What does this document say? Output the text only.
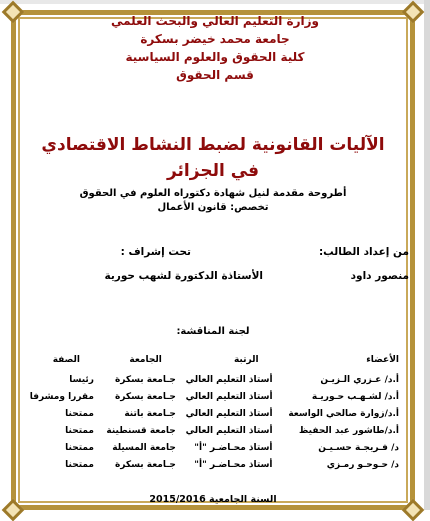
وزارة التعليم العالي والبحث العلمي
جامعة محمد خيضر بسكرة
كلية الحقوق والعلوم السياسية
قسم الحقوق
الآليات القانونية لضبط النشاط الاقتصادي
في الجزائر
أطروحة مقدمة لنيل شهادة دكتوراه العلوم في الحقوق
تخصص: قانون الأعمال
من إعداد الطالب:
منصور داود
تحت إشراف :
الأستاذة الدكتورة لشهب حورية
لجنة المناقشة:
الأعضاء	الرتبة	الجامعة	الصفة
أ.د/ عـزري الـزيـن	أستاذ التعليم العالي	جـامعة بسكرة	رئيسا
أ.د/ لشـهـب حـوريـة	أستاذ التعليم العالي	جـامعة بسكرة	مقررا ومشرفا
أ.د/زوارة صالحي الواسعة	أستاذ التعليم العالي	جـامعة باتنة	ممتحنا
أ.د/طاشور عبد الحفيظ	أستاذ التعليم العالي	جامعة قسنطينة	ممتحنا
د/ فـريجـة حسـيـن	أستاذ محـاضـر "أ"	جامعة المسيلة	ممتحنا
د/ حـوحـو رمـزي	أستاذ محـاضـر "أ"	جـامعة بسكرة	ممتحنا
السنة الجامعية 2015/2016
